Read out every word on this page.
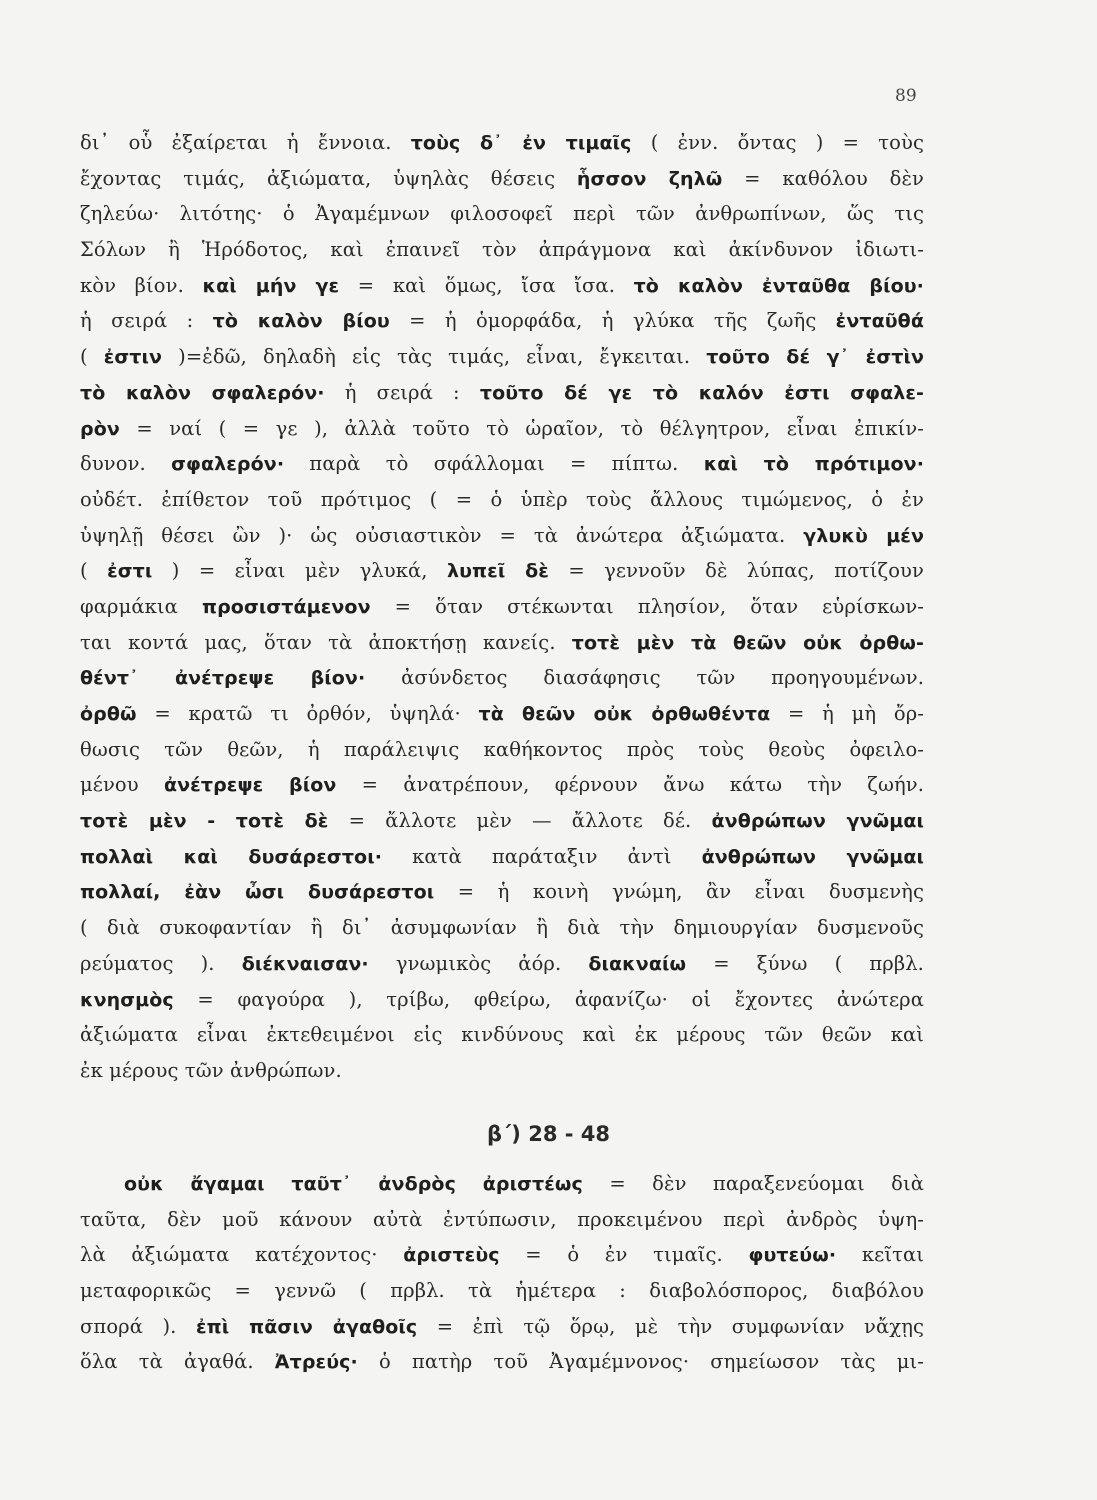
89
δι᾽ οὗ ἐξαίρεται ἡ ἔννοια. τοὺς δ᾽ ἐν τιμαῖς ( ἐνν. ὄντας ) = τοὺς
ἔχοντας τιμάς, ἀξιώματα, ὑψηλὰς θέσεις ἧσσον ζηλῶ = καθόλου δὲν
ζηλεύω· λιτότης· ὁ Ἀγαμέμνων φιλοσοφεῖ περὶ τῶν ἀνθρωπίνων, ὥς τις
Σόλων ἢ Ἡρόδοτος, καὶ ἐπαινεῖ τὸν ἀπράγμονα καὶ ἀκίνδυνον ἰδιωτι-
κὸν βίον. καὶ μήν γε = καὶ ὅμως, ἴσα ἴσα. τὸ καλὸν ἐνταῦθα βίου·
ἡ σειρά : τὸ καλὸν βίου = ἡ ὁμορφάδα, ἡ γλύκα τῆς ζωῆς ἐνταῦθά
( ἐστιν )=ἐδῶ, δηλαδὴ εἰς τὰς τιμάς, εἶναι, ἔγκειται. τοῦτο δέ γ᾽ ἐστὶν
τὸ καλὸν σφαλερόν· ἡ σειρά : τοῦτο δέ γε τὸ καλόν ἐστι σφαλε-
ρὸν = ναί ( = γε ), ἀλλὰ τοῦτο τὸ ὡραῖον, τὸ θέλγητρον, εἶναι ἐπικίν-
δυνον. σφαλερόν· παρὰ τὸ σφάλλομαι = πίπτω. καὶ τὸ πρότιμον·
οὐδέτ. ἐπίθετον τοῦ πρότιμος ( = ὁ ὑπὲρ τοὺς ἄλλους τιμώμενος, ὁ ἐν
ὑψηλῇ θέσει ὢν )· ὡς οὐσιαστικὸν = τὰ ἀνώτερα ἀξιώματα. γλυκὺ μέν
( ἐστι ) = εἶναι μὲν γλυκά, λυπεῖ δὲ = γεννοῦν δὲ λύπας, ποτίζουν
φαρμάκια προσιστάμενον = ὅταν στέκωνται πλησίον, ὅταν εὑρίσκων-
ται κοντά μας, ὅταν τὰ ἀποκτήσῃ κανείς. τοτὲ μὲν τὰ θεῶν οὐκ ὀρθω-
θέντ᾽ ἀνέτρεψε βίον· ἀσύνδετος διασάφησις τῶν προηγουμένων.
ὀρθῶ = κρατῶ τι ὀρθόν, ὑψηλά· τὰ θεῶν οὐκ ὀρθωθέντα = ἡ μὴ ὄρ-
θωσις τῶν θεῶν, ἡ παράλειψις καθήκοντος πρὸς τοὺς θεοὺς ὀφειλο-
μένου ἀνέτρεψε βίον = ἀνατρέπουν, φέρνουν ἄνω κάτω τὴν ζωήν.
τοτὲ μὲν - τοτὲ δὲ = ἄλλοτε μὲν — ἄλλοτε δέ. ἀνθρώπων γνῶμαι
πολλαὶ καὶ δυσάρεστοι· κατὰ παράταξιν ἀντὶ ἀνθρώπων γνῶμαι
πολλαί, ἐὰν ὦσι δυσάρεστοι = ἡ κοινὴ γνώμη, ἂν εἶναι δυσμενὴς
( διὰ συκοφαντίαν ἢ δι᾽ ἀσυμφωνίαν ἢ διὰ τὴν δημιουργίαν δυσμενοῦς
ρεύματος ). διέκναισαν· γνωμικὸς ἀόρ. διακναίω = ξύνω ( πρβλ.
κνησμὸς = φαγούρα ), τρίβω, φθείρω, ἀφανίζω· οἱ ἔχοντες ἀνώτερα
ἀξιώματα εἶναι ἐκτεθειμένοι εἰς κινδύνους καὶ ἐκ μέρους τῶν θεῶν καὶ
ἐκ μέρους τῶν ἀνθρώπων.
β΄) 28 - 48
οὐκ ἄγαμαι ταῦτ᾽ ἀνδρὸς ἀριστέως = δὲν παραξενεύομαι διὰ
ταῦτα, δὲν μοῦ κάνουν αὐτὰ ἐντύπωσιν, προκειμένου περὶ ἀνδρὸς ὑψη-
λὰ ἀξιώματα κατέχοντος· ἀριστεὺς = ὁ ἐν τιμαῖς. φυτεύω· κεῖται
μεταφορικῶς = γεννῶ ( πρβλ. τὰ ἡμέτερα : διαβολόσπορος, διαβόλου
σπορά ). ἐπὶ πᾶσιν ἀγαθοῖς = ἐπὶ τῷ ὅρῳ, μὲ τὴν συμφωνίαν νἄχῃς
ὅλα τὰ ἀγαθά. Ἀτρεύς· ὁ πατὴρ τοῦ Ἀγαμέμνονος· σημείωσον τὰς μι-
